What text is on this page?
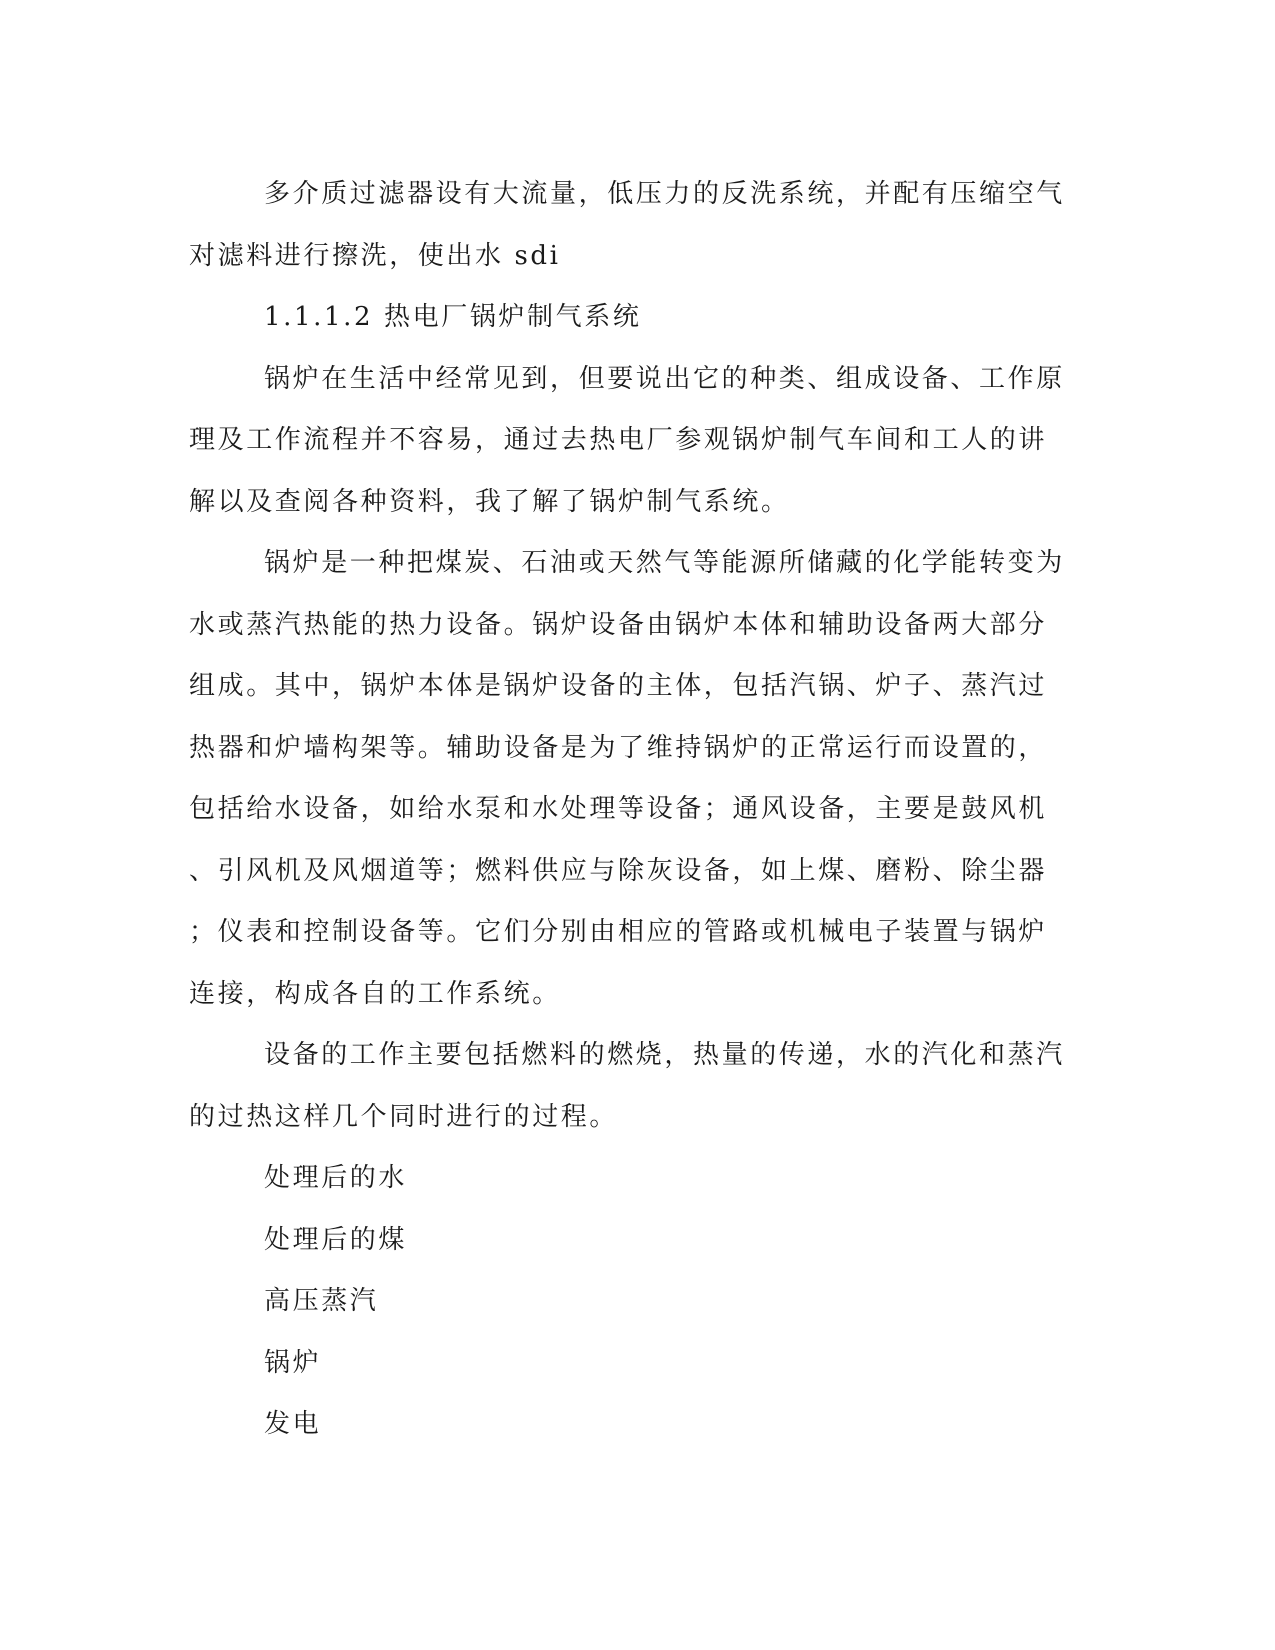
多介质过滤器设有大流量，低压力的反洗系统，并配有压缩空气
对滤料进行擦洗，使出水 sdi
1.1.1.2 热电厂锅炉制气系统
锅炉在生活中经常见到，但要说出它的种类、组成设备、工作原
理及工作流程并不容易，通过去热电厂参观锅炉制气车间和工人的讲
解以及查阅各种资料，我了解了锅炉制气系统。
锅炉是一种把煤炭、石油或天然气等能源所储藏的化学能转变为
水或蒸汽热能的热力设备。锅炉设备由锅炉本体和辅助设备两大部分
组成。其中，锅炉本体是锅炉设备的主体，包括汽锅、炉子、蒸汽过
热器和炉墙构架等。辅助设备是为了维持锅炉的正常运行而设置的，
包括给水设备，如给水泵和水处理等设备；通风设备，主要是鼓风机
、引风机及风烟道等；燃料供应与除灰设备，如上煤、磨粉、除尘器
；仪表和控制设备等。它们分别由相应的管路或机械电子装置与锅炉
连接，构成各自的工作系统。
设备的工作主要包括燃料的燃烧，热量的传递，水的汽化和蒸汽
的过热这样几个同时进行的过程。
处理后的水
处理后的煤
高压蒸汽
锅炉
发电
